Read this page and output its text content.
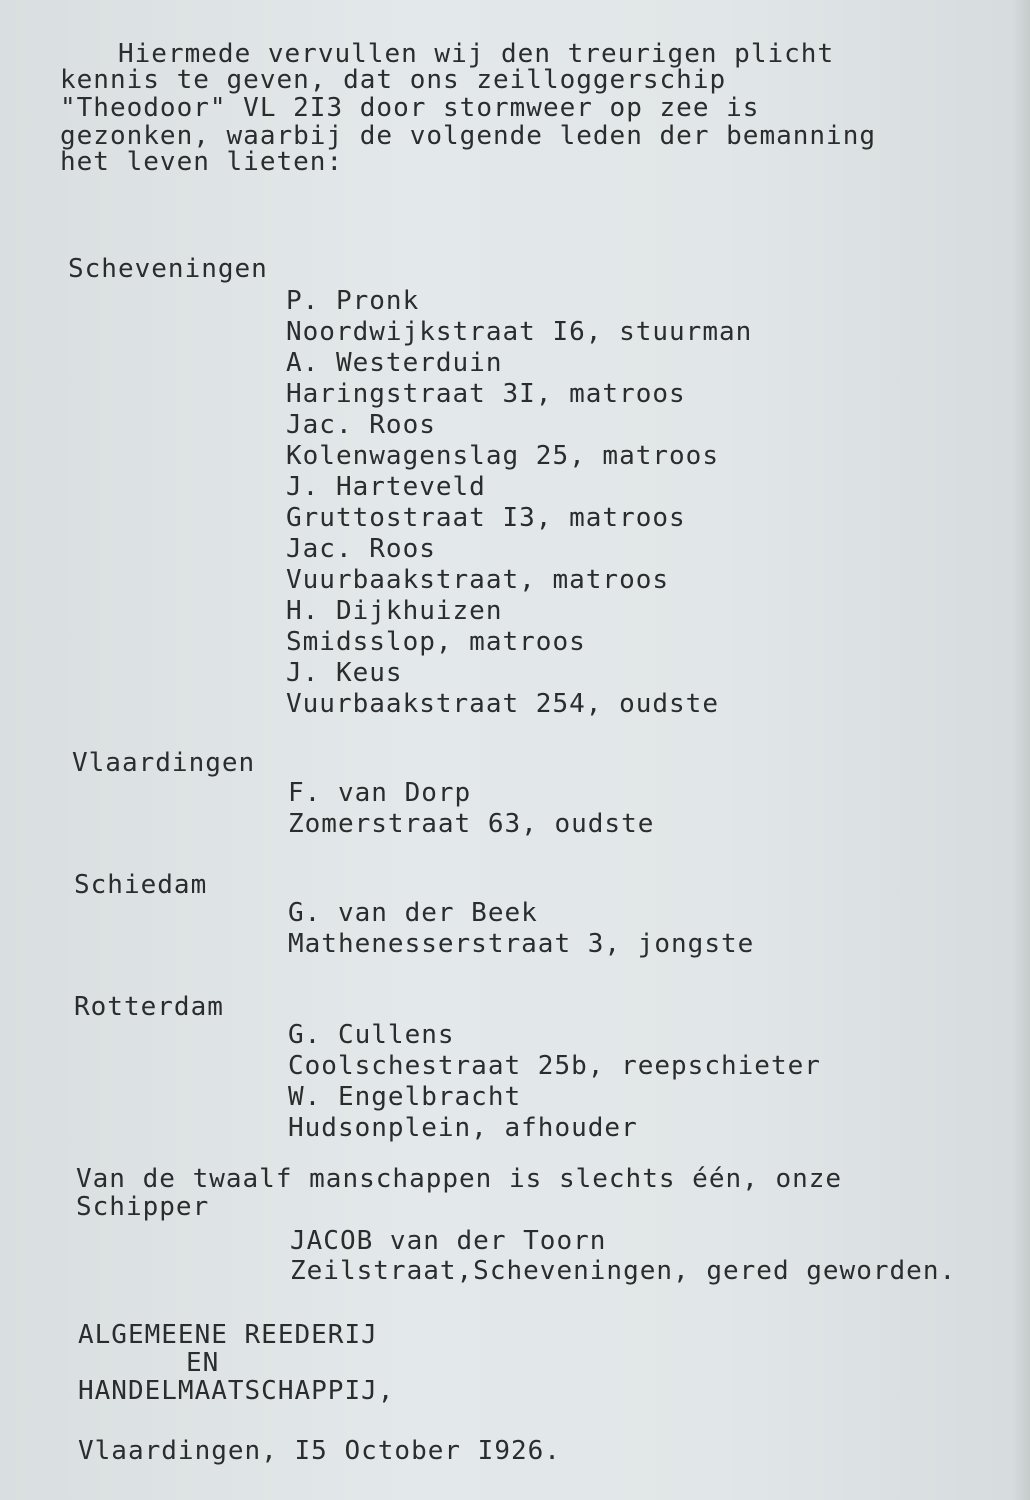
Hiermede vervullen wij den treurigen plicht
kennis te geven, dat ons zeilloggerschip
"Theodoor" VL 2I3 door stormweer op zee is
gezonken, waarbij de volgende leden der bemanning
het leven lieten:
Scheveningen
P. Pronk
Noordwijkstraat I6, stuurman
A. Westerduin
Haringstraat 3I, matroos
Jac. Roos
Kolenwagenslag 25, matroos
J. Harteveld
Gruttostraat I3, matroos
Jac. Roos
Vuurbaakstraat, matroos
H. Dijkhuizen
Smidsslop, matroos
J. Keus
Vuurbaakstraat 254, oudste
Vlaardingen
F. van Dorp
Zomerstraat 63, oudste
Schiedam
G. van der Beek
Mathenesserstraat 3, jongste
Rotterdam
G. Cullens
Coolschestraat 25b, reepschieter
W. Engelbracht
Hudsonplein, afhouder
Van de twaalf manschappen is slechts één, onze
Schipper
JACOB van der Toorn
Zeilstraat,Scheveningen, gered geworden.
ALGEMEENE REEDERIJ
EN
HANDELMAATSCHAPPIJ,
Vlaardingen, I5 October I926.
